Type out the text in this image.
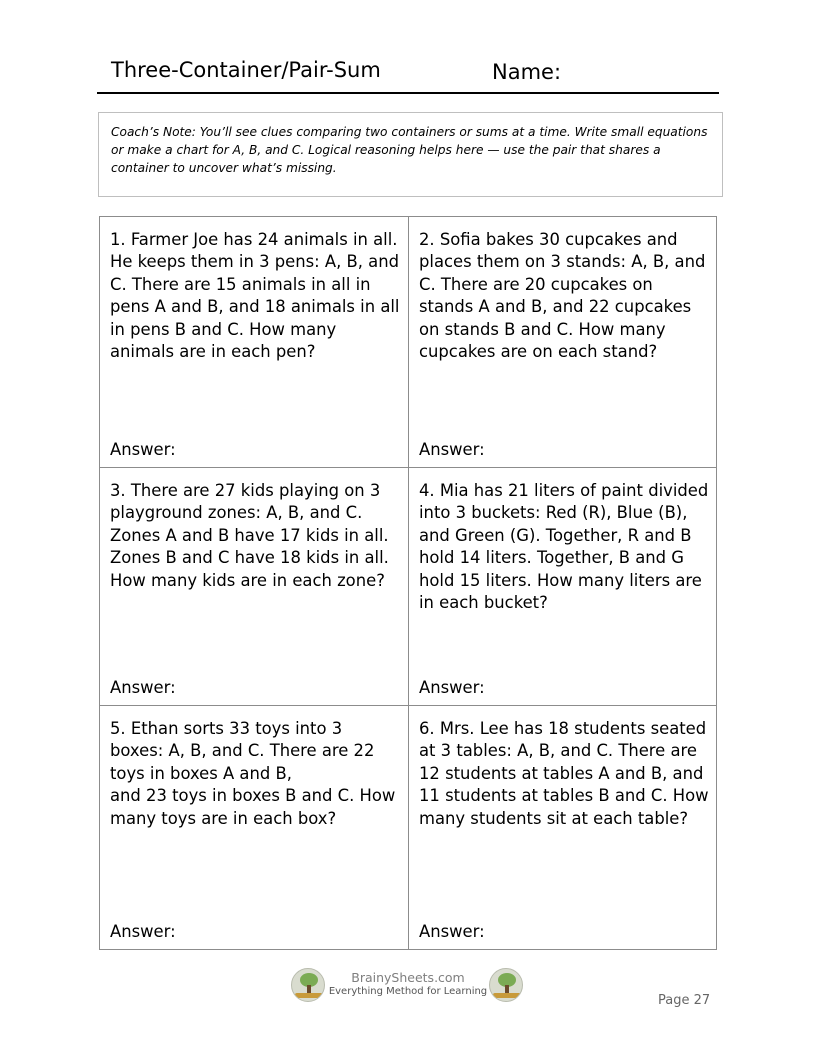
Three-Container/Pair-Sum	Name:
Coach’s Note: You’ll see clues comparing two containers or sums at a time. Write small equations or make a chart for A, B, and C. Logical reasoning helps here — use the pair that shares a container to uncover what’s missing.
1. Farmer Joe has 24 animals in all. He keeps them in 3 pens: A, B, and C. There are 15 animals in all in pens A and B, and 18 animals in all in pens B and C. How many animals are in each pen?
Answer:
2. Sofia bakes 30 cupcakes and places them on 3 stands: A, B, and C. There are 20 cupcakes on stands A and B, and 22 cupcakes on stands B and C. How many cupcakes are on each stand?
Answer:
3. There are 27 kids playing on 3 playground zones: A, B, and C. Zones A and B have 17 kids in all. Zones B and C have 18 kids in all. How many kids are in each zone?
Answer:
4. Mia has 21 liters of paint divided into 3 buckets: Red (R), Blue (B), and Green (G). Together, R and B hold 14 liters. Together, B and G hold 15 liters. How many liters are in each bucket?
Answer:
5. Ethan sorts 33 toys into 3 boxes: A, B, and C. There are 22 toys in boxes A and B,
and 23 toys in boxes B and C. How many toys are in each box?
Answer:
6. Mrs. Lee has 18 students seated at 3 tables: A, B, and C. There are 12 students at tables A and B, and 11 students at tables B and C. How many students sit at each table?
Answer:
BrainySheets.com
Everything Method for Learning
Page 27
